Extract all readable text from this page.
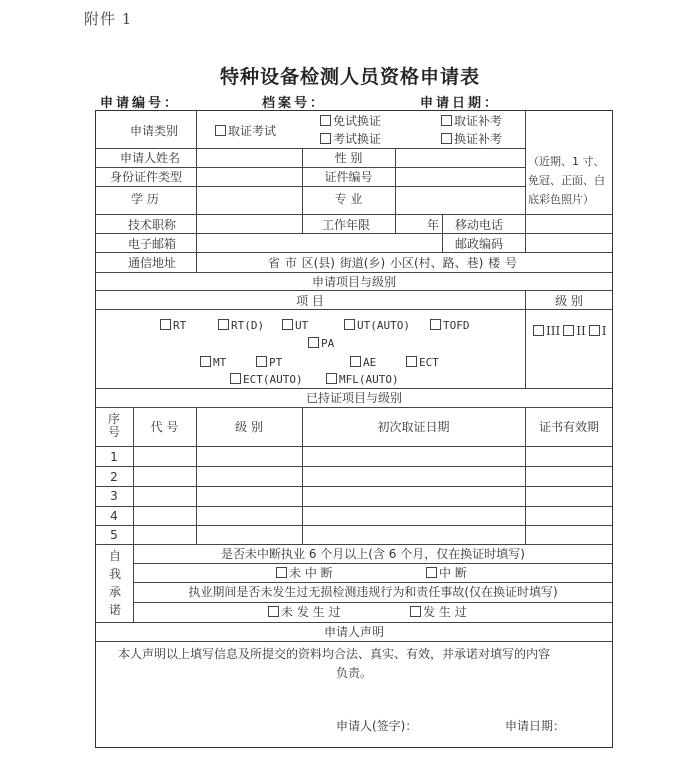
附件 1
特种设备检测人员资格申请表
申请编号：	档案号：	申请日期：
申请类别	取证考试
免试换证	取证补考
考试换证	换证补考
申请人姓名	性 别
身份证件类型	证件编号
学 历	专 业
（近期、1 寸、免冠、正面、白底彩色照片）
技术职称	工作年限	年 移动电话
电子邮箱	邮政编码
通信地址	省 市 区(县) 街道(乡) 小区(村、路、巷) 楼 号
申请项目与级别
项 目	级 别
RT	RT(D)	UT	UT(AUTO)	TOFD
PA
MT	PT	AE	ECT
ECT(AUTO)	MFL(AUTO)
III II I
已持证项目与级别
序号	代 号	级 别	初次取证日期	证书有效期
1
2
3
4
5
自
我
承
诺
是否未中断执业 6 个月以上(含 6 个月，仅在换证时填写)
未 中 断	中 断
执业期间是否未发生过无损检测违规行为和责任事故(仅在换证时填写)
未 发 生 过	发 生 过
申请人声明
本人声明以上填写信息及所提交的资料均合法、真实、有效，并承诺对填写的内容
负责。
申请人(签字)：	申请日期：
